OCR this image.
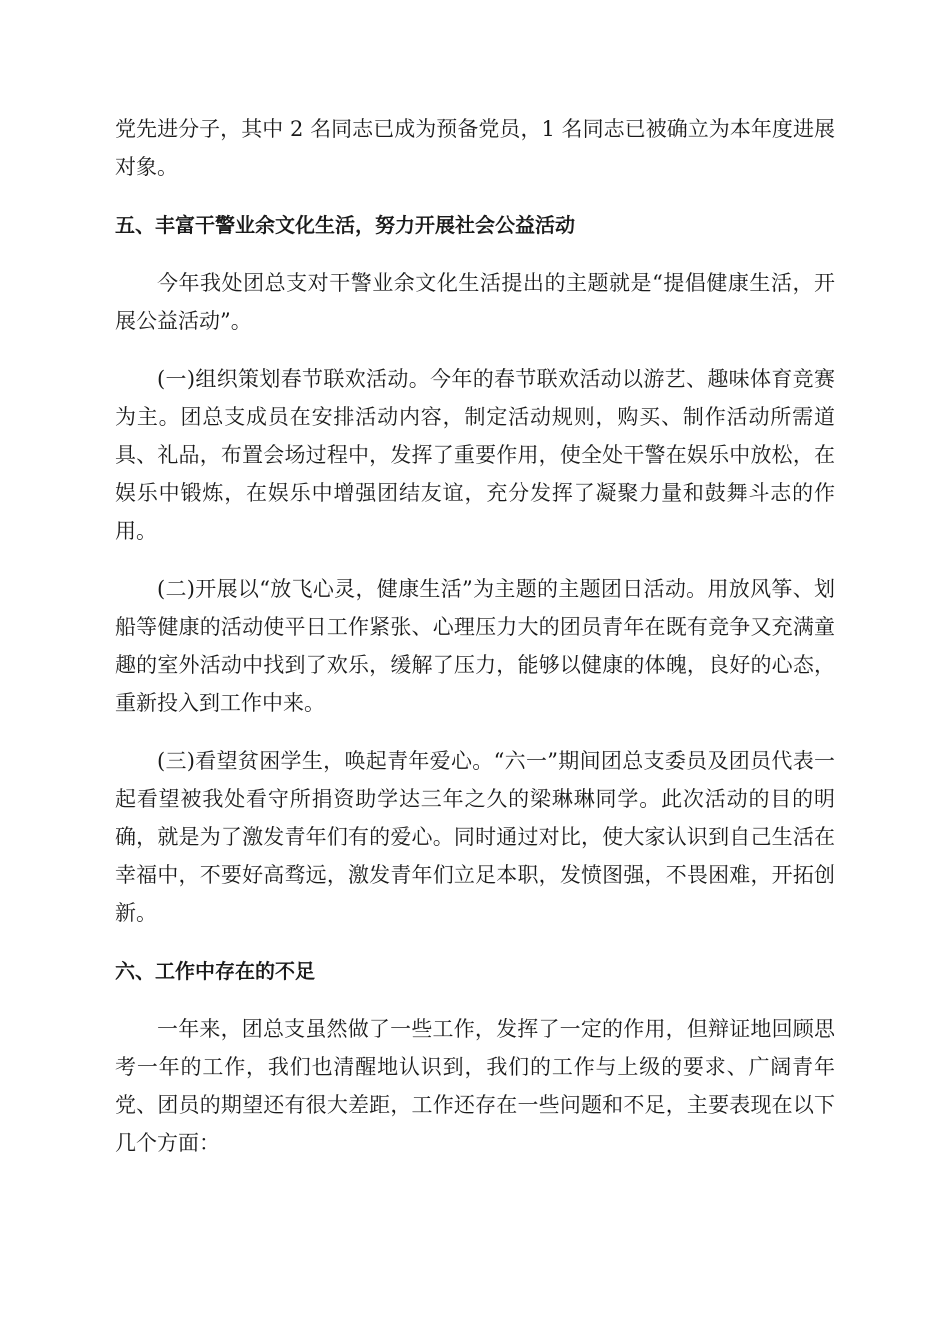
党先进分子，其中 2 名同志已成为预备党员，1 名同志已被确立为本年度进展对象。

五、丰富干警业余文化生活，努力开展社会公益活动

今年我处团总支对干警业余文化生活提出的主题就是“提倡健康生活，开展公益活动”。

(一)组织策划春节联欢活动。今年的春节联欢活动以游艺、趣味体育竞赛为主。团总支成员在安排活动内容，制定活动规则，购买、制作活动所需道具、礼品，布置会场过程中，发挥了重要作用，使全处干警在娱乐中放松，在娱乐中锻炼，在娱乐中增强团结友谊，充分发挥了凝聚力量和鼓舞斗志的作用。

(二)开展以“放飞心灵，健康生活”为主题的主题团日活动。用放风筝、划船等健康的活动使平日工作紧张、心理压力大的团员青年在既有竞争又充满童趣的室外活动中找到了欢乐，缓解了压力，能够以健康的体魄，良好的心态，重新投入到工作中来。

(三)看望贫困学生，唤起青年爱心。“六一”期间团总支委员及团员代表一起看望被我处看守所捐资助学达三年之久的梁琳琳同学。此次活动的目的明确，就是为了激发青年们有的爱心。同时通过对比，使大家认识到自己生活在幸福中，不要好高骛远，激发青年们立足本职，发愤图强，不畏困难，开拓创新。

六、工作中存在的不足

一年来，团总支虽然做了一些工作，发挥了一定的作用，但辩证地回顾思考一年的工作，我们也清醒地认识到，我们的工作与上级的要求、广阔青年党、团员的期望还有很大差距，工作还存在一些问题和不足，主要表现在以下几个方面：
